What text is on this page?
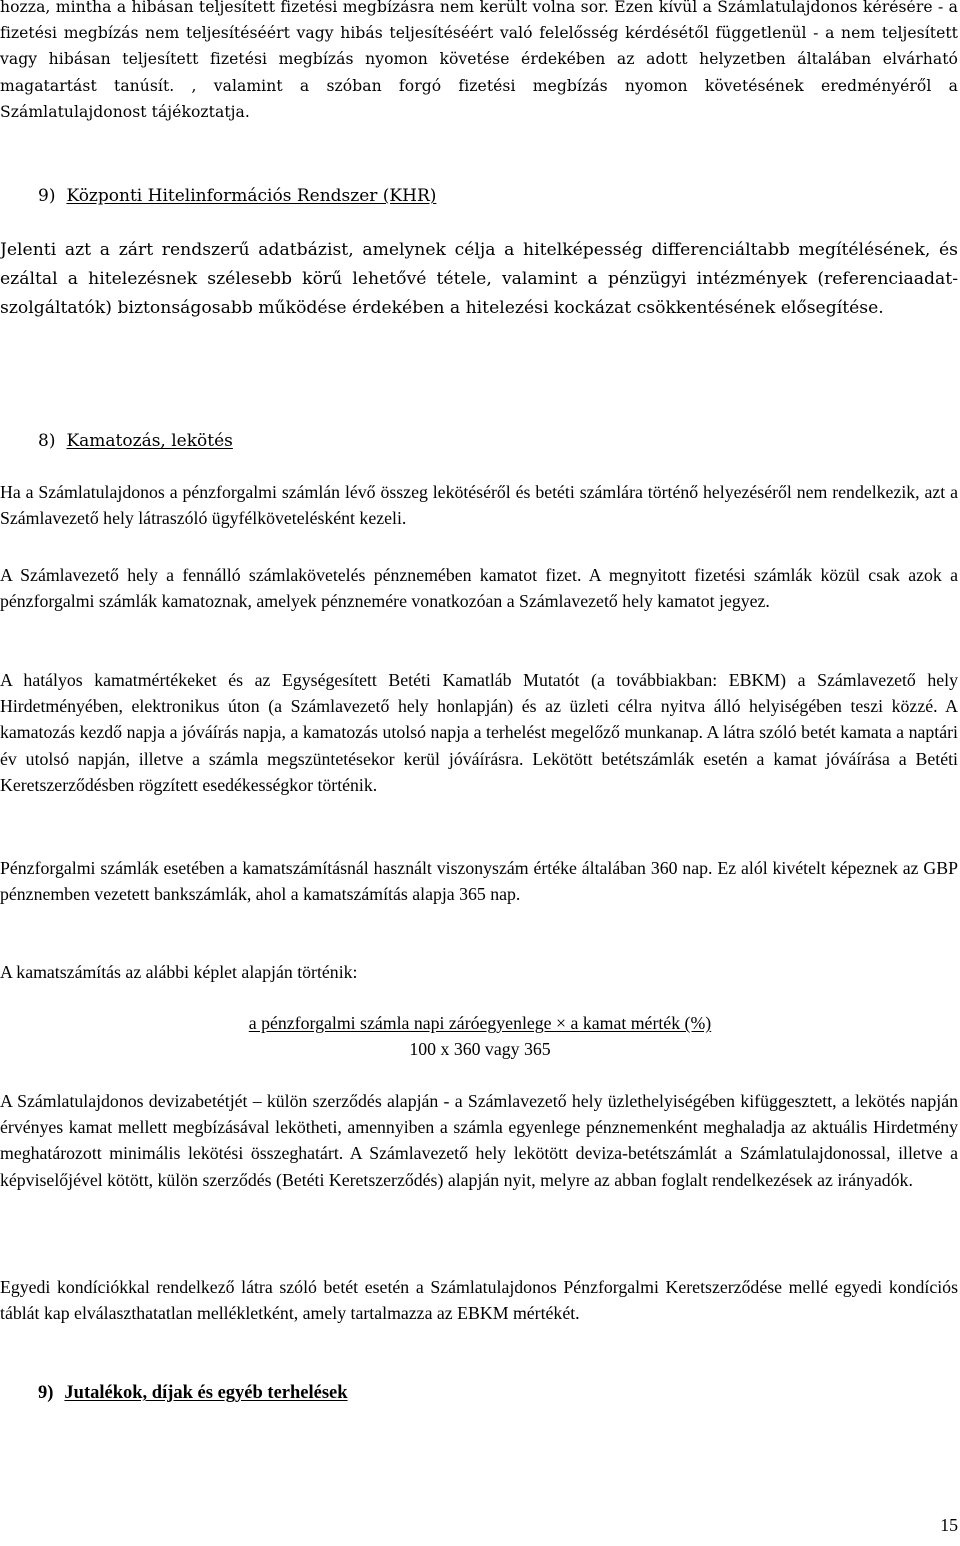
hozza, mintha a hibásan teljesített fizetési megbízásra nem került volna sor. Ezen kívül a Számlatulajdonos kérésére - a fizetési megbízás nem teljesítéséért vagy hibás teljesítéséért való felelősség kérdésétől függetlenül - a nem teljesített vagy hibásan teljesített fizetési megbízás nyomon követése érdekében az adott helyzetben általában elvárható magatartást tanúsít. , valamint a szóban forgó fizetési megbízás nyomon követésének eredményéről a Számlatulajdonost tájékoztatja.

9) Központi Hitelinformációs Rendszer (KHR)

Jelenti azt a zárt rendszerű adatbázist, amelynek célja a hitelképesség differenciáltabb megítélésének, és ezáltal a hitelezésnek szélesebb körű lehetővé tétele, valamint a pénzügyi intézmények (referenciaadat-szolgáltatók) biztonságosabb működése érdekében a hitelezési kockázat csökkentésének elősegítése.

8) Kamatozás, lekötés

Ha a Számlatulajdonos a pénzforgalmi számlán lévő összeg lekötéséről és betéti számlára történő helyezéséről nem rendelkezik, azt a Számlavezető hely látraszóló ügyfélkövetelésként kezeli.

A Számlavezető hely a fennálló számlakövetelés pénznemében kamatot fizet. A megnyitott fizetési számlák közül csak azok a pénzforgalmi számlák kamatoznak, amelyek pénznemére vonatkozóan a Számlavezető hely kamatot jegyez.

A hatályos kamatmértékeket és az Egységesített Betéti Kamatláb Mutatót (a továbbiakban: EBKM) a Számlavezető hely Hirdetményében, elektronikus úton (a Számlavezető hely honlapján) és az üzleti célra nyitva álló helyiségében teszi közzé. A kamatozás kezdő napja a jóváírás napja, a kamatozás utolsó napja a terhelést megelőző munkanap. A látra szóló betét kamata a naptári év utolsó napján, illetve a számla megszüntetésekor kerül jóváírásra. Lekötött betétszámlák esetén a kamat jóváírása a Betéti Keretszerződésben rögzített esedékességkor történik.

Pénzforgalmi számlák esetében a kamatszámításnál használt viszonyszám értéke általában 360 nap. Ez alól kivételt képeznek az GBP pénznemben vezetett bankszámlák, ahol a kamatszámítás alapja 365 nap.

A kamatszámítás az alábbi képlet alapján történik:

a pénzforgalmi számla napi záróegyenlege × a kamat mérték (%)
100 x 360 vagy 365

A Számlatulajdonos devizabetétjét – külön szerződés alapján - a Számlavezető hely üzlethelyiségében kifüggesztett, a lekötés napján érvényes kamat mellett megbízásával lekötheti, amennyiben a számla egyenlege pénznemenként meghaladja az aktuális Hirdetmény meghatározott minimális lekötési összeghatárt. A Számlavezető hely lekötött deviza-betétszámlát a Számlatulajdonossal, illetve a képviselőjével kötött, külön szerződés (Betéti Keretszerződés) alapján nyit, melyre az abban foglalt rendelkezések az irányadók.

Egyedi kondíciókkal rendelkező látra szóló betét esetén a Számlatulajdonos Pénzforgalmi Keretszerződése mellé egyedi kondíciós táblát kap elválaszthatatlan mellékletként, amely tartalmazza az EBKM mértékét.

9) Jutalékok, díjak és egyéb terhelések
15
